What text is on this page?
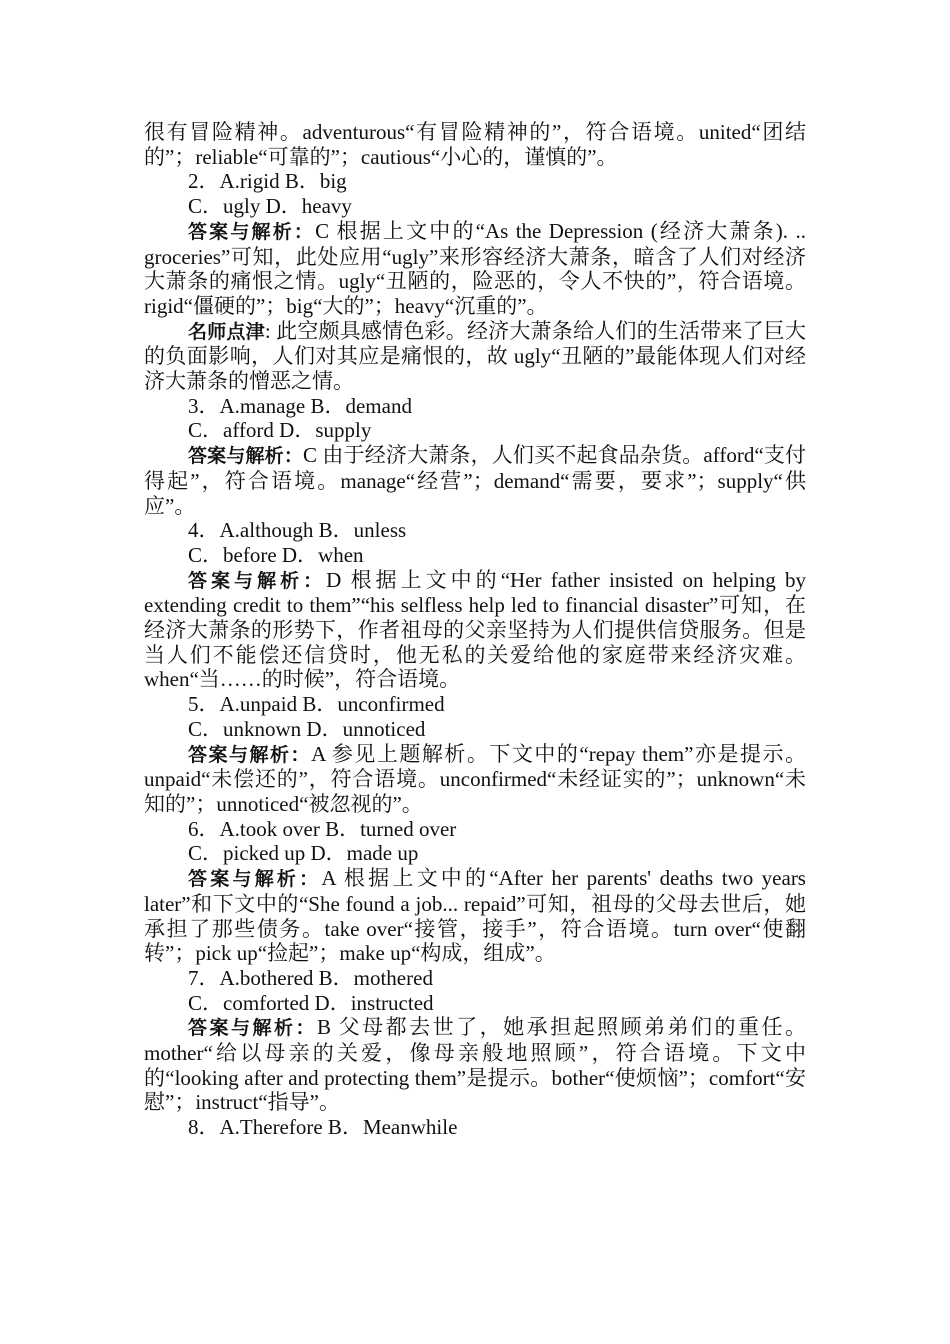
很有冒险精神。adventurous“有冒险精神的”，符合语境。united“团结的”；reliable“可靠的”；cautious“小心的，谨慎的”。

2．A.rigid B．big

C．ugly D．heavy

答案与解析：C 根据上文中的“As the Depression (经济大萧条). .. groceries”可知，此处应用“ugly”来形容经济大萧条，暗含了人们对经济大萧条的痛恨之情。ugly“丑陋的，险恶的，令人不快的”，符合语境。rigid“僵硬的”；big“大的”；heavy“沉重的”。

名师点津: 此空颇具感情色彩。经济大萧条给人们的生活带来了巨大的负面影响，人们对其应是痛恨的，故 ugly“丑陋的”最能体现人们对经济大萧条的憎恶之情。

3．A.manage B．demand

C．afford D．supply

答案与解析：C 由于经济大萧条，人们买不起食品杂货。afford“支付得起”，符合语境。manage“经营”；demand“需要，要求”；supply“供应”。

4．A.although B．unless

C．before D．when

答案与解析：D 根据上文中的“Her father insisted on helping by extending credit to them”“his selfless help led to financial disaster”可知，在经济大萧条的形势下，作者祖母的父亲坚持为人们提供信贷服务。但是当人们不能偿还信贷时，他无私的关爱给他的家庭带来经济灾难。when“当……的时候”，符合语境。

5．A.unpaid B．unconfirmed

C．unknown D．unnoticed

答案与解析：A 参见上题解析。下文中的“repay them”亦是提示。unpaid“未偿还的”，符合语境。unconfirmed“未经证实的”；unknown“未知的”；unnoticed“被忽视的”。

6．A.took over B．turned over

C．picked up D．made up

答案与解析：A 根据上文中的“After her parents' deaths two years later”和下文中的“She found a job... repaid”可知，祖母的父母去世后，她承担了那些债务。take over“接管，接手”，符合语境。turn over“使翻转”；pick up“捡起”；make up“构成，组成”。

7．A.bothered B．mothered

C．comforted D．instructed

答案与解析：B 父母都去世了，她承担起照顾弟弟们的重任。mother“给以母亲的关爱，像母亲般地照顾”，符合语境。下文中的“looking after and protecting them”是提示。bother“使烦恼”；comfort“安慰”；instruct“指导”。

8．A.Therefore B．Meanwhile
